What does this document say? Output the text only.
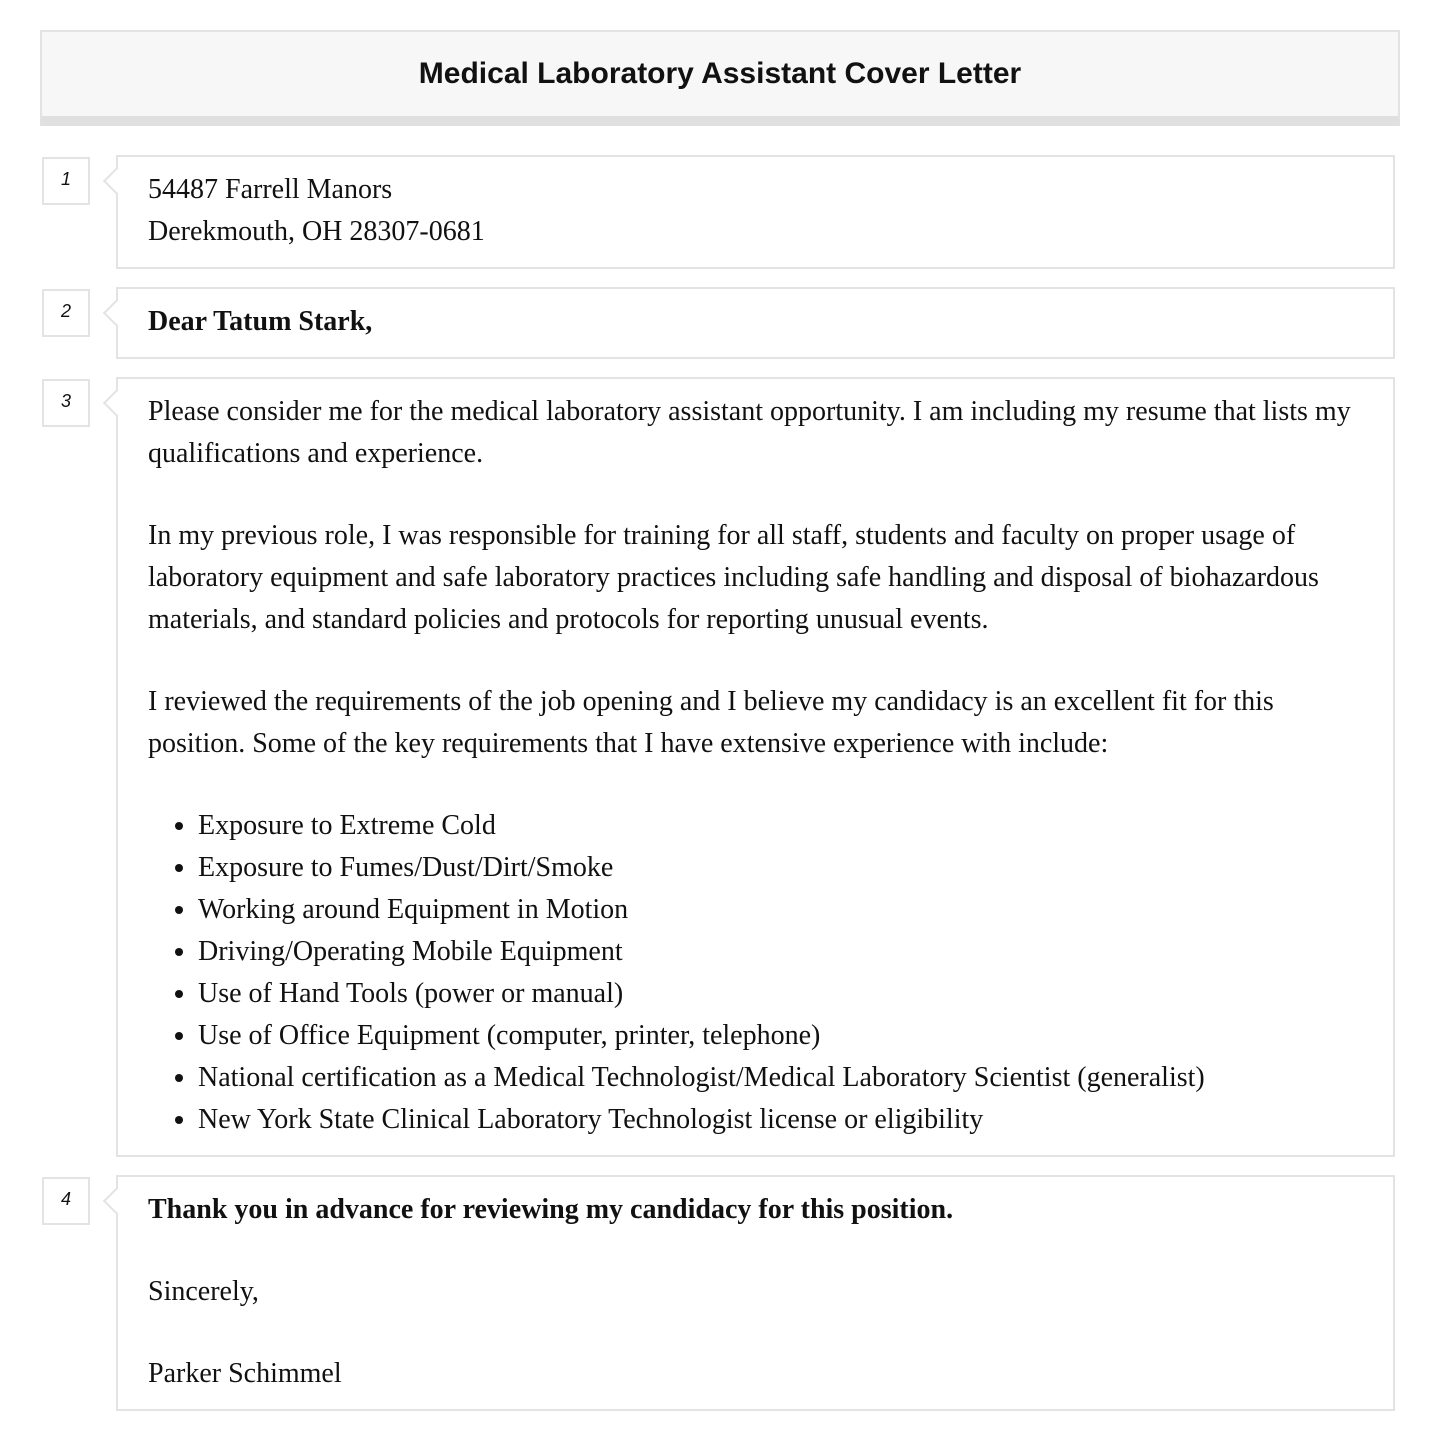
Medical Laboratory Assistant Cover Letter
1	54487 Farrell Manors

Derekmouth, OH 28307-0681

2	Dear Tatum Stark,

3	Please consider me for the medical laboratory assistant opportunity. I am including my resume that lists my qualifications and experience.

In my previous role, I was responsible for training for all staff, students and faculty on proper usage of laboratory equipment and safe laboratory practices including safe handling and disposal of biohazardous materials, and standard policies and protocols for reporting unusual events.

I reviewed the requirements of the job opening and I believe my candidacy is an excellent fit for this position. Some of the key requirements that I have extensive experience with include:

• Exposure to Extreme Cold
• Exposure to Fumes/Dust/Dirt/Smoke
• Working around Equipment in Motion
• Driving/Operating Mobile Equipment
• Use of Hand Tools (power or manual)
• Use of Office Equipment (computer, printer, telephone)
• National certification as a Medical Technologist/Medical Laboratory Scientist (generalist)
• New York State Clinical Laboratory Technologist license or eligibility
4	Thank you in advance for reviewing my candidacy for this position.

Sincerely,

Parker Schimmel
